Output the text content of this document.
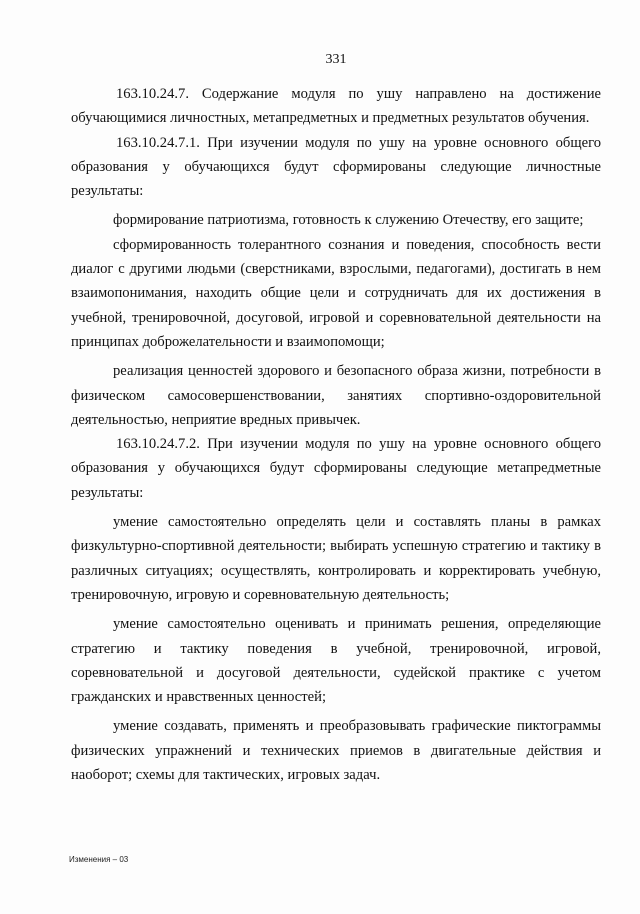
331

163.10.24.7. Содержание модуля по ушу направлено на достижение обучающимися личностных, метапредметных и предметных результатов обучения.

163.10.24.7.1. При изучении модуля по ушу на уровне основного общего образования у обучающихся будут сформированы следующие личностные результаты:

формирование патриотизма, готовность к служению Отечеству, его защите;

сформированность толерантного сознания и поведения, способность вести диалог с другими людьми (сверстниками, взрослыми, педагогами), достигать в нем взаимопонимания, находить общие цели и сотрудничать для их достижения в учебной, тренировочной, досуговой, игровой и соревновательной деятельности на принципах доброжелательности и взаимопомощи;

реализация ценностей здорового и безопасного образа жизни, потребности в физическом самосовершенствовании, занятиях спортивно-оздоровительной деятельностью, неприятие вредных привычек.

163.10.24.7.2. При изучении модуля по ушу на уровне основного общего образования у обучающихся будут сформированы следующие метапредметные результаты:

умение самостоятельно определять цели и составлять планы в рамках физкультурно-спортивной деятельности; выбирать успешную стратегию и тактику в различных ситуациях; осуществлять, контролировать и корректировать учебную, тренировочную, игровую и соревновательную деятельность;

умение самостоятельно оценивать и принимать решения, определяющие стратегию и тактику поведения в учебной, тренировочной, игровой, соревновательной и досуговой деятельности, судейской практике с учетом гражданских и нравственных ценностей;

умение создавать, применять и преобразовывать графические пиктограммы физических упражнений и технических приемов в двигательные действия и наоборот; схемы для тактических, игровых задач.

Изменения – 03
